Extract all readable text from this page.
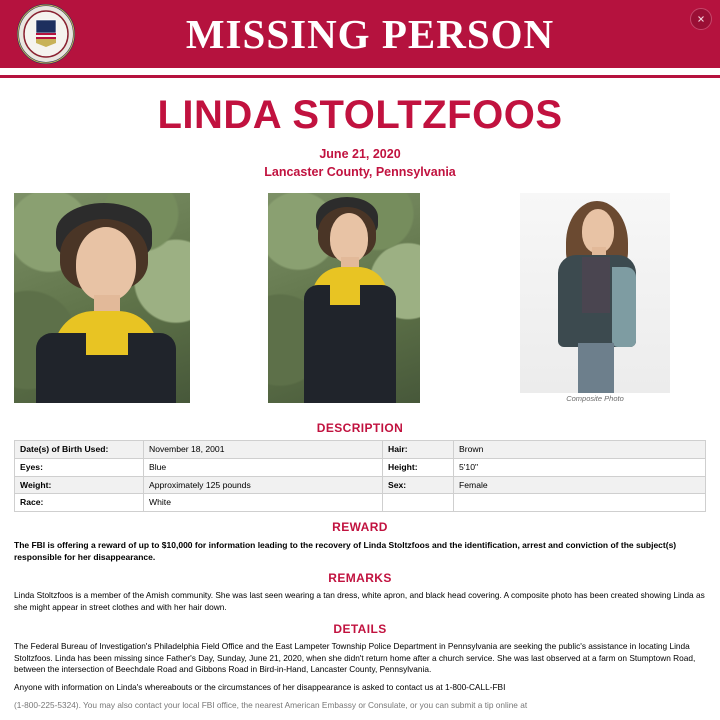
MISSING PERSON
LINDA STOLTZFOOS
June 21, 2020
Lancaster County, Pennsylvania
Composite Photo
DESCRIPTION
Date(s) of Birth Used:	November 18, 2001	Hair:	Brown
Eyes:	Blue	Height:	5'10"
Weight:	Approximately 125 pounds	Sex:	Female
Race:	White		
REWARD

The FBI is offering a reward of up to $10,000 for information leading to the recovery of Linda Stoltzfoos and the identification, arrest and conviction of the subject(s) responsible for her disappearance.

REMARKS

Linda Stoltzfoos is a member of the Amish community. She was last seen wearing a tan dress, white apron, and black head covering. A composite photo has been created showing Linda as she might appear in street clothes and with her hair down.

DETAILS

The Federal Bureau of Investigation's Philadelphia Field Office and the East Lampeter Township Police Department in Pennsylvania are seeking the public's assistance in locating Linda Stoltzfoos. Linda has been missing since Father's Day, Sunday, June 21, 2020, when she didn't return home after a church service. She was last observed at a farm on Stumptown Road, between the intersection of Beechdale Road and Gibbons Road in Bird-in-Hand, Lancaster County, Pennsylvania.

Anyone with information on Linda's whereabouts or the circumstances of her disappearance is asked to contact us at 1-800-CALL-FBI

(1-800-225-5324). You may also contact your local FBI office, the nearest American Embassy or Consulate, or you can submit a tip online at
